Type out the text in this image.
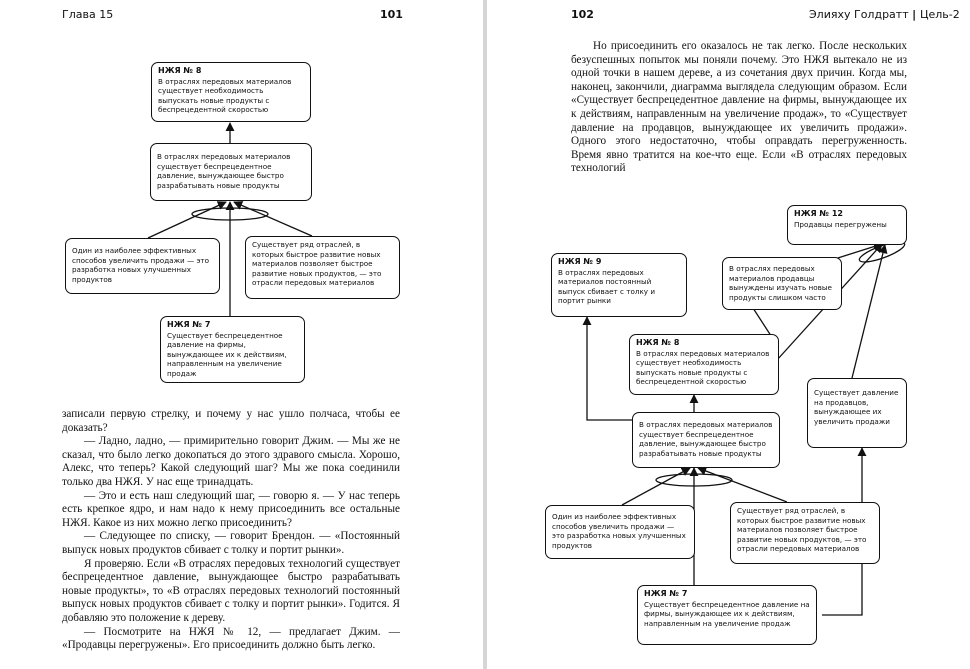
Глава 15	101
НЖЯ № 8
В отраслях передовых материалов существует необходимость выпускать новые продукты с беспрецедентной скоростью
В отраслях передовых материалов существует беспрецедентное давление, вынуждающее быстро разрабатывать новые продукты
Один из наиболее эффективных способов увеличить продажи — это разработка новых улучшенных продуктов
Существует ряд отраслей, в которых быстрое развитие новых материалов позволяет быстрое развитие новых продуктов, — это отрасли передовых материалов
НЖЯ № 7
Существует беспрецедентное давление на фирмы, вынуждающее их к действиям, направленным на увеличение продаж

записали первую стрелку, и почему у нас ушло полчаса, чтобы ее доказать?

— Ладно, ладно, — примирительно говорит Джим. — Мы же не сказал, что было легко докопаться до этого здравого смысла. Хорошо, Алекс, что теперь? Какой следующий шаг? Мы же пока соединили только два НЖЯ. У нас еще тринадцать.

— Это и есть наш следующий шаг, — говорю я. — У нас теперь есть крепкое ядро, и нам надо к нему присоединить все остальные НЖЯ. Какое из них можно легко присоединить?

— Следующее по списку, — говорит Брендон. — «Постоянный выпуск новых продуктов сбивает с толку и портит рынки».

Я проверяю. Если «В отраслях передовых технологий существует беспрецедентное давление, вынуждающее быстро разрабатывать новые продукты», то «В отраслях передовых технологий постоянный выпуск новых продуктов сбивает с толку и портит рынки». Годится. Я добавляю это положение к дереву.

— Посмотрите на НЖЯ № 12, — предлагает Джим. — «Продавцы перегружены». Его присоединить должно быть легко.

102	Элияху Голдратт | Цель-2

Но присоединить его оказалось не так легко. После нескольких безуспешных попыток мы поняли почему. Это НЖЯ вытекало не из одной точки в нашем дереве, а из сочетания двух причин. Когда мы, наконец, закончили, диаграмма выглядела следующим образом. Если «Существует беспрецедентное давление на фирмы, вынуждающее их к действиям, направленным на увеличение продаж», то «Существует давление на продавцов, вынуждающее их увеличить продажи». Одного этого недостаточно, чтобы оправдать перегруженность. Время явно тратится на кое-что еще. Если «В отраслях передовых технологий

НЖЯ № 12
Продавцы перегружены
НЖЯ № 9
В отраслях передовых материалов постоянный выпуск сбивает с толку и портит рынки
В отраслях передовых материалов продавцы вынуждены изучать новые продукты слишком часто
НЖЯ № 8
В отраслях передовых материалов существует необходимость выпускать новые продукты с беспрецедентной скоростью
Существует давление на продавцов, вынуждающее их увеличить продажи
В отраслях передовых материалов существует беспрецедентное давление, вынуждающее быстро разрабатывать новые продукты
Один из наиболее эффективных способов увеличить продажи — это разработка новых улучшенных продуктов
Существует ряд отраслей, в которых быстрое развитие новых материалов позволяет быстрое развитие новых продуктов, — это отрасли передовых материалов
НЖЯ № 7
Существует беспрецедентное давление на фирмы, вынуждающее их к действиям, направленным на увеличение продаж
